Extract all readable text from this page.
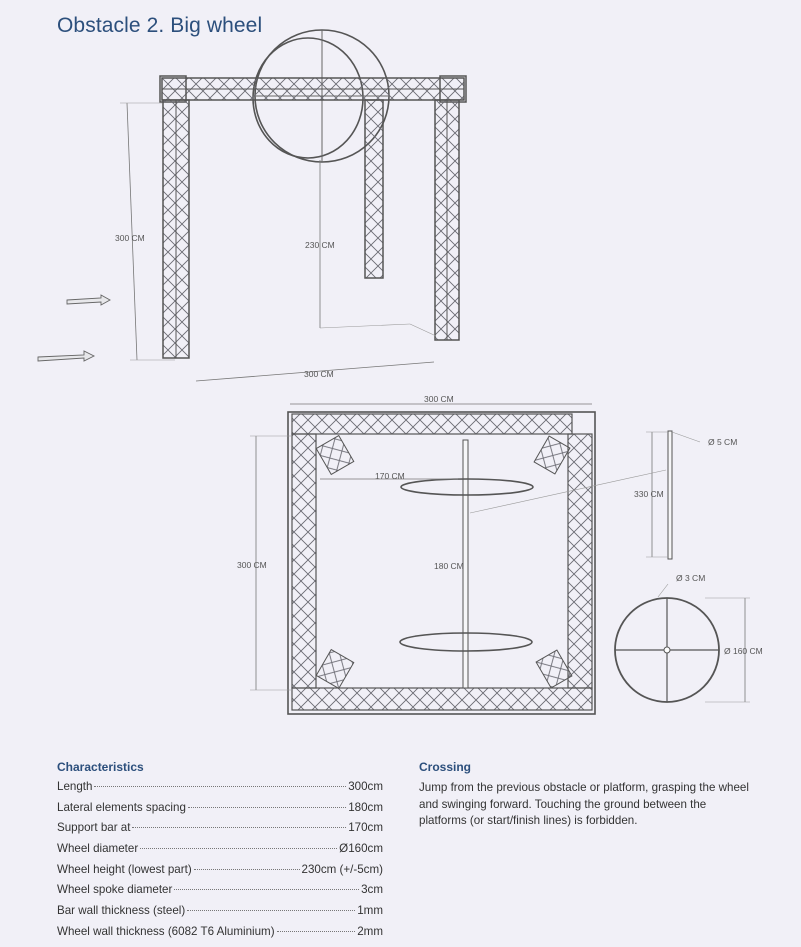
Obstacle 2. Big wheel
300 CM
230 CM
300 CM
300 CM
170 CM
300 CM	180 CM
330 CM
Ø 5 CM
Ø 160 CM
Ø 3 CM
Characteristics
Length	300cm
Lateral elements spacing	180cm
Support bar at	170cm
Wheel diameter	Ø160cm
Wheel height (lowest part)	230cm (+/-5cm)
Wheel spoke diameter	3cm
Bar wall thickness (steel)	1mm
Wheel wall thickness (6082 T6 Aluminium)	2mm
Crossing
Jump from the previous obstacle or platform, grasping the wheel and swinging forward. Touching the ground between the platforms (or start/finish lines) is forbidden.
